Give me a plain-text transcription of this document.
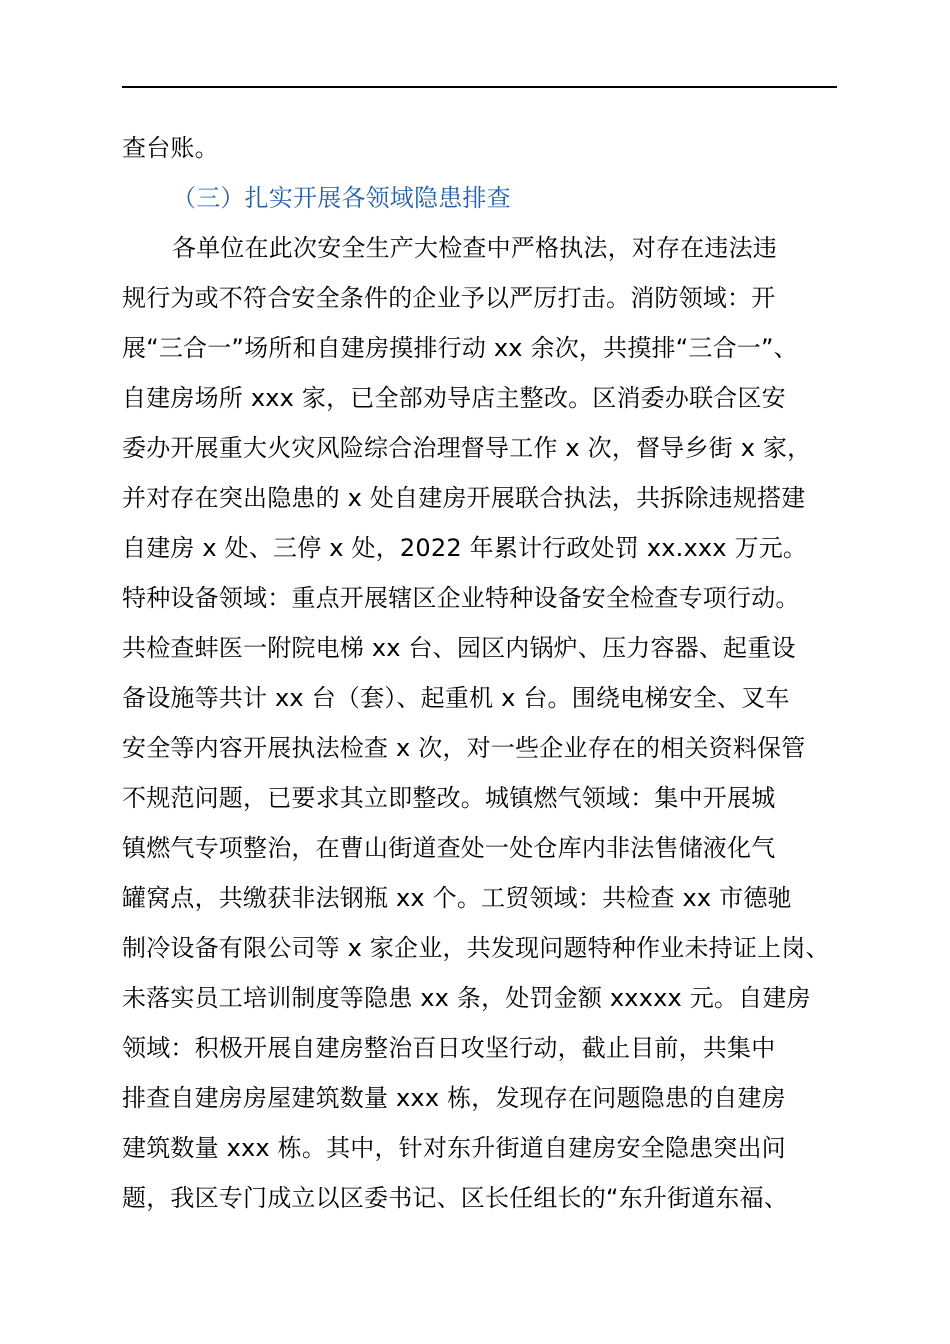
查台账。
（三）扎实开展各领域隐患排查
各单位在此次安全生产大检查中严格执法，对存在违法违
规行为或不符合安全条件的企业予以严厉打击。消防领域：开
展“三合一”场所和自建房摸排行动 xx 余次，共摸排“三合一”、
自建房场所 xxx 家，已全部劝导店主整改。区消委办联合区安
委办开展重大火灾风险综合治理督导工作 x 次，督导乡街 x 家，
并对存在突出隐患的 x 处自建房开展联合执法，共拆除违规搭建
自建房 x 处、三停 x 处，2022 年累计行政处罚 xx.xxx 万元。
特种设备领域：重点开展辖区企业特种设备安全检查专项行动。
共检查蚌医一附院电梯 xx 台、园区内锅炉、压力容器、起重设
备设施等共计 xx 台（套）、起重机 x 台。围绕电梯安全、叉车
安全等内容开展执法检查 x 次，对一些企业存在的相关资料保管
不规范问题，已要求其立即整改。城镇燃气领域：集中开展城
镇燃气专项整治，在曹山街道查处一处仓库内非法售储液化气
罐窝点，共缴获非法钢瓶 xx 个。工贸领域：共检查 xx 市德驰
制冷设备有限公司等 x 家企业，共发现问题特种作业未持证上岗、
未落实员工培训制度等隐患 xx 条，处罚金额 xxxxx 元。自建房
领域：积极开展自建房整治百日攻坚行动，截止目前，共集中
排查自建房房屋建筑数量 xxx 栋，发现存在问题隐患的自建房
建筑数量 xxx 栋。其中，针对东升街道自建房安全隐患突出问
题，我区专门成立以区委书记、区长任组长的“东升街道东福、
